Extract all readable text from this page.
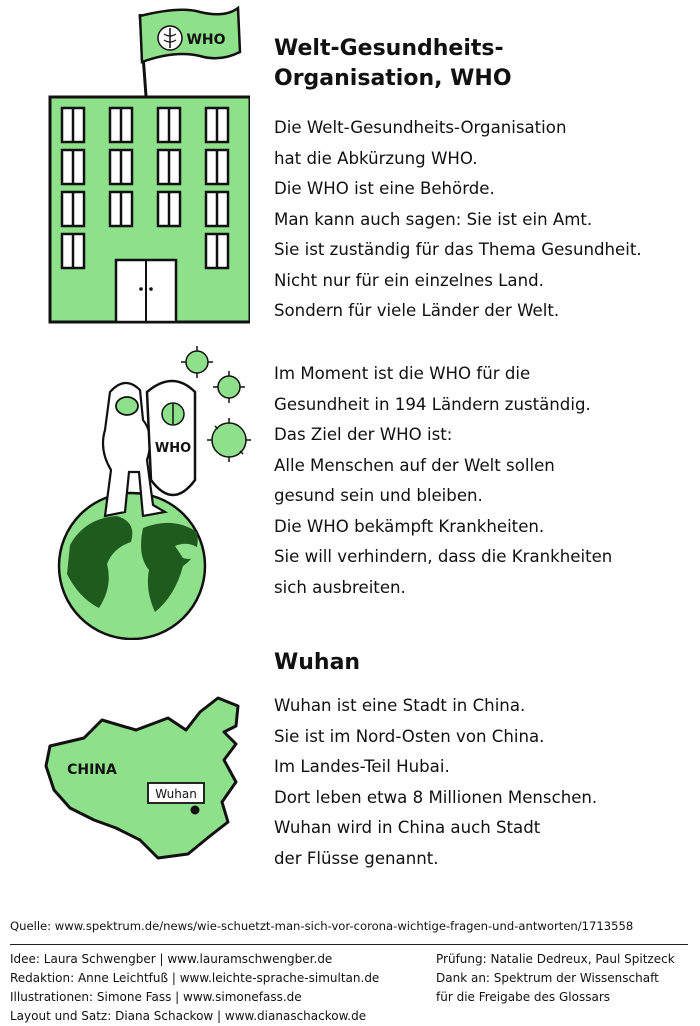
WHO
WHO
CHINA
Wuhan
Welt-Gesundheits-
Organisation, WHO
Die Welt-Gesundheits-Organisation
hat die Abkürzung WHO.
Die WHO ist eine Behörde.
Man kann auch sagen: Sie ist ein Amt.
Sie ist zuständig für das Thema Gesundheit.
Nicht nur für ein einzelnes Land.
Sondern für viele Länder der Welt.
Im Moment ist die WHO für die
Gesundheit in 194 Ländern zuständig.
Das Ziel der WHO ist:
Alle Menschen auf der Welt sollen
gesund sein und bleiben.
Die WHO bekämpft Krankheiten.
Sie will verhindern, dass die Krankheiten
sich ausbreiten.
Wuhan
Wuhan ist eine Stadt in China.
Sie ist im Nord-Osten von China.
Im Landes-Teil Hubai.
Dort leben etwa 8 Millionen Menschen.
Wuhan wird in China auch Stadt
der Flüsse genannt.
Quelle: www.spektrum.de/news/wie-schuetzt-man-sich-vor-corona-wichtige-fragen-und-antworten/1713558
Idee: Laura Schwengber | www.lauramschwengber.de
Redaktion: Anne Leichtfuß | www.leichte-sprache-simultan.de
Illustrationen: Simone Fass | www.simonefass.de
Layout und Satz: Diana Schackow | www.dianaschackow.de
Prüfung: Natalie Dedreux, Paul Spitzeck
Dank an: Spektrum der Wissenschaft
für die Freigabe des Glossars
